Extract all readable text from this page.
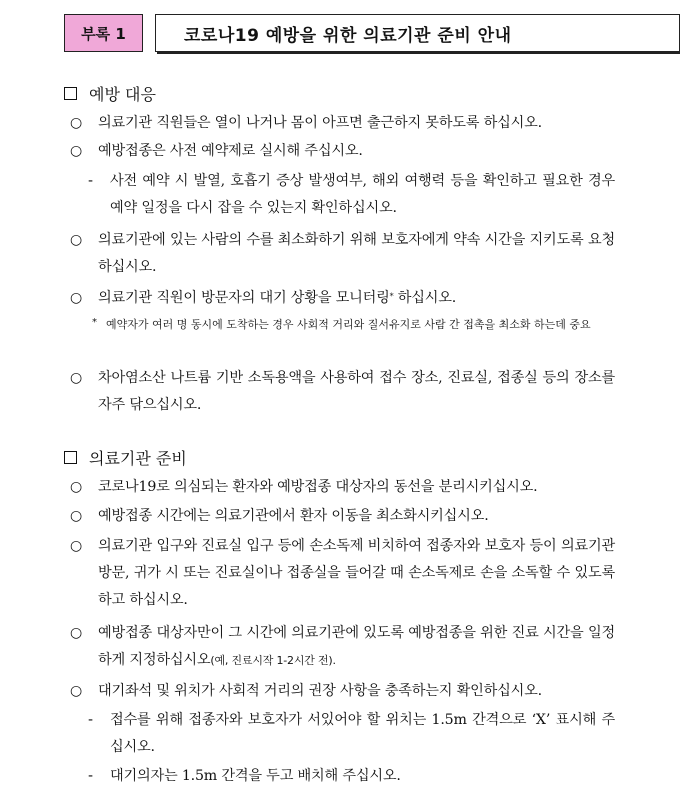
부록 1	코로나19 예방을 위한 의료기관 준비 안내
예방 대응
○ 의료기관 직원들은 열이 나거나 몸이 아프면 출근하지 못하도록 하십시오.
○ 예방접종은 사전 예약제로 실시해 주십시오.
- 사전 예약 시 발열, 호흡기 증상 발생여부, 해외 여행력 등을 확인하고 필요한 경우 예약 일정을 다시 잡을 수 있는지 확인하십시오.
○ 의료기관에 있는 사람의 수를 최소화하기 위해 보호자에게 약속 시간을 지키도록 요청하십시오.
○ 의료기관 직원이 방문자의 대기 상황을 모니터링* 하십시오.
* 예약자가 여러 명 동시에 도착하는 경우 사회적 거리와 질서유지로 사람 간 접촉을 최소화 하는데 중요
○ 차아염소산 나트륨 기반 소독용액을 사용하여 접수 장소, 진료실, 접종실 등의 장소를 자주 닦으십시오.
의료기관 준비
○ 코로나19로 의심되는 환자와 예방접종 대상자의 동선을 분리시키십시오.
○ 예방접종 시간에는 의료기관에서 환자 이동을 최소화시키십시오.
○ 의료기관 입구와 진료실 입구 등에 손소독제 비치하여 접종자와 보호자 등이 의료기관 방문, 귀가 시 또는 진료실이나 접종실을 들어갈 때 손소독제로 손을 소독할 수 있도록 하고 하십시오.
○ 예방접종 대상자만이 그 시간에 의료기관에 있도록 예방접종을 위한 진료 시간을 일정하게 지정하십시오(예, 진료시작 1-2시간 전).
○ 대기좌석 및 위치가 사회적 거리의 권장 사항을 충족하는지 확인하십시오.
- 접수를 위해 접종자와 보호자가 서있어야 할 위치는 1.5m 간격으로 ‘X’ 표시해 주십시오.
- 대기의자는 1.5m 간격을 두고 배치해 주십시오.
